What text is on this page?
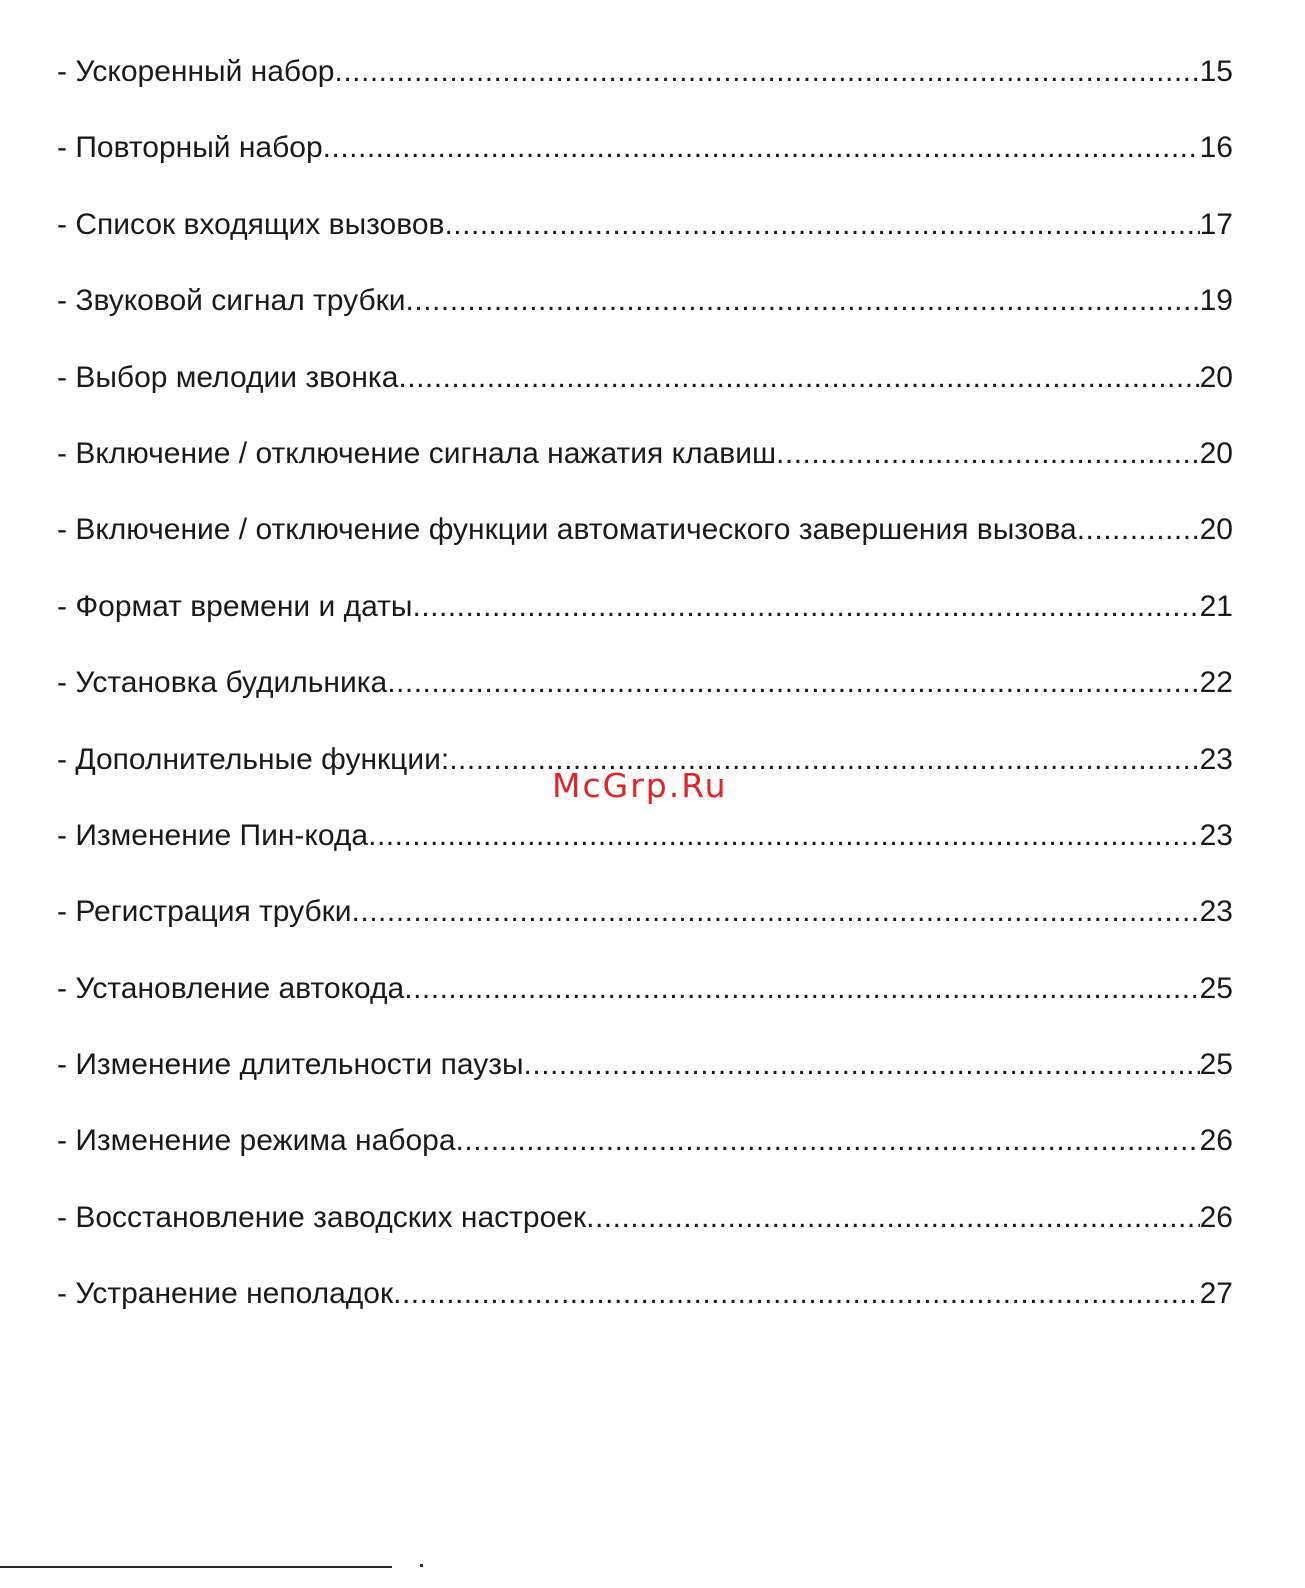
- Ускоренный набор .....	15
- Повторный набор .....	16
- Список входящих вызовов .....	17
- Звуковой сигнал трубки .....	19
- Выбор мелодии звонка .....	20
- Включение / отключение сигнала нажатия клавиш .....	20
- Включение / отключение функции автоматического завершения вызова .....	20
- Формат времени и даты .....	21
- Установка будильника .....	22
- Дополнительные функции: .....	23
- Изменение Пин-кода .....	23
- Регистрация трубки .....	23
- Установление автокода .....	25
- Изменение длительности паузы .....	25
- Изменение режима набора .....	26
- Восстановление заводских настроек .....	26
- Устранение неполадок .....	27
McGrp.Ru
